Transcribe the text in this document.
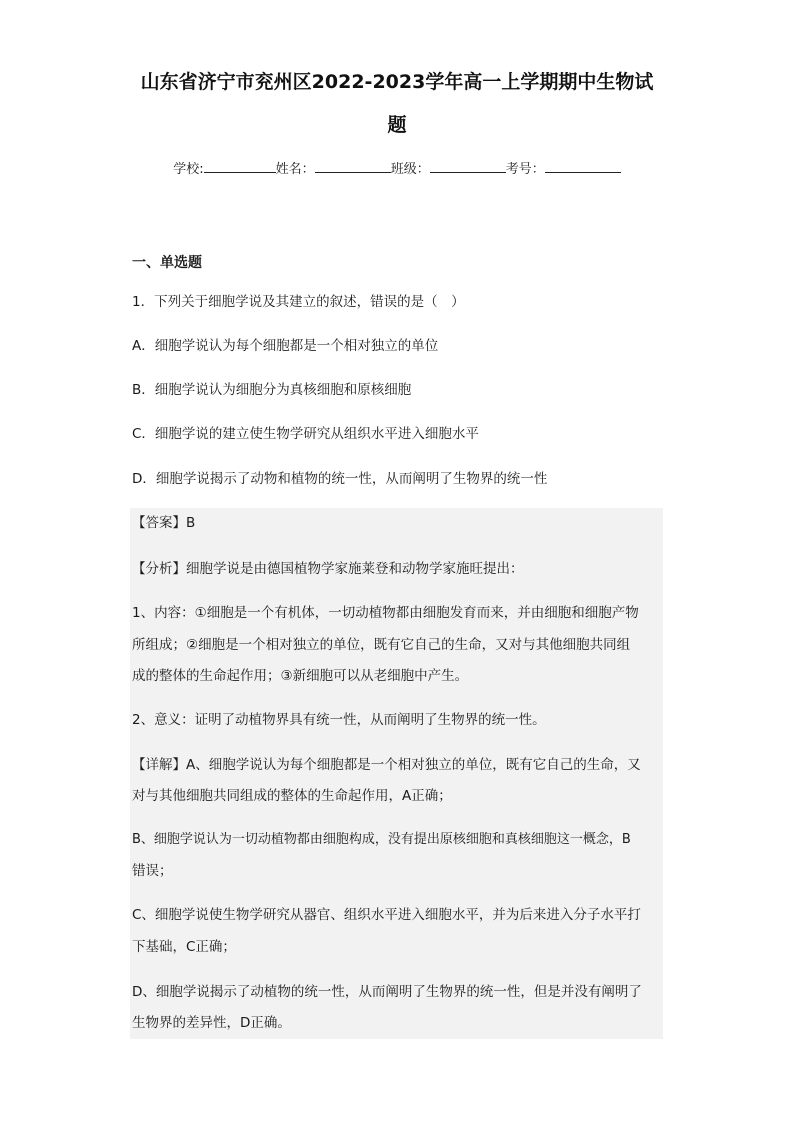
山东省济宁市兖州区2022-2023学年高一上学期期中生物试
题
学校:	姓名：	班级：	考号：
一、单选题
1．下列关于细胞学说及其建立的叙述，错误的是（　）
A．细胞学说认为每个细胞都是一个相对独立的单位
B．细胞学说认为细胞分为真核细胞和原核细胞
C．细胞学说的建立使生物学研究从组织水平进入细胞水平
D．细胞学说揭示了动物和植物的统一性，从而阐明了生物界的统一性
【答案】B
【分析】细胞学说是由德国植物学家施莱登和动物学家施旺提出：
1、内容：①细胞是一个有机体，一切动植物都由细胞发育而来，并由细胞和细胞产物
所组成；②细胞是一个相对独立的单位，既有它自己的生命，又对与其他细胞共同组
成的整体的生命起作用；③新细胞可以从老细胞中产生。
2、意义：证明了动植物界具有统一性，从而阐明了生物界的统一性。
【详解】A、细胞学说认为每个细胞都是一个相对独立的单位，既有它自己的生命，又
对与其他细胞共同组成的整体的生命起作用，A正确；
B、细胞学说认为一切动植物都由细胞构成，没有提出原核细胞和真核细胞这一概念，B
错误；
C、细胞学说使生物学研究从器官、组织水平进入细胞水平，并为后来进入分子水平打
下基础，C正确；
D、细胞学说揭示了动植物的统一性，从而阐明了生物界的统一性，但是并没有阐明了
生物界的差异性，D正确。
